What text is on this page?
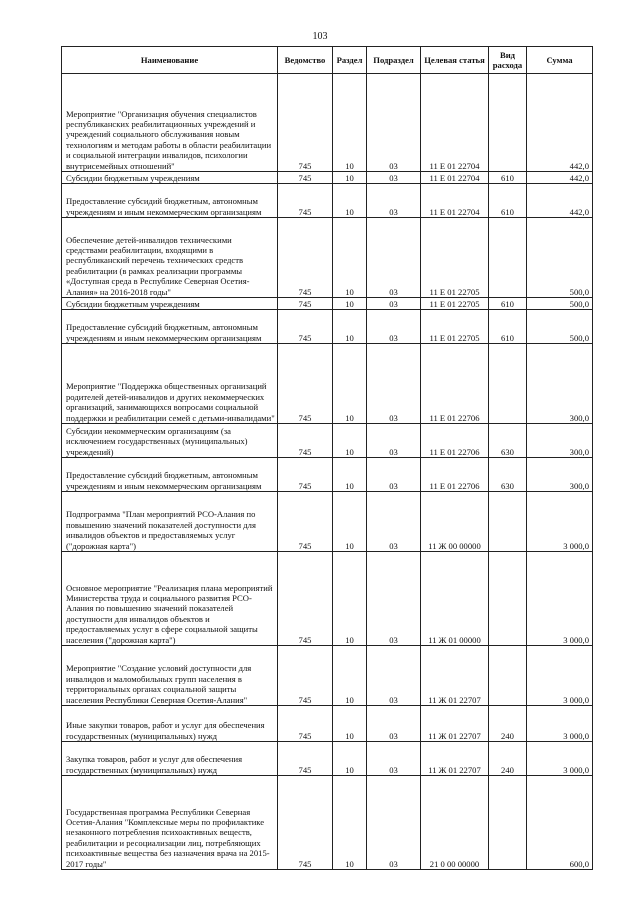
103
Наименование	Ведомство	Раздел	Подраздел	Целевая статья	Вид расхода	Сумма
Мероприятие "Организация обучения специалистов республиканских реабилитационных учреждений и учреждений социального обслуживания новым технологиям и методам работы в области реабилитации и социальной интеграции инвалидов, психологии внутрисемейных отношений"	745	10	03	11 Е 01 22704		442,0
Субсидии бюджетным учреждениям	745	10	03	11 Е 01 22704	610	442,0
Предоставление субсидий бюджетным, автономным учреждениям и иным некоммерческим организациям	745	10	03	11 Е 01 22704	610	442,0
Обеспечение детей-инвалидов техническими средствами реабилитации, входящими в республиканский перечень технических средств реабилитации (в рамках реализации программы «Доступная среда в Республике Северная Осетия-Алания» на 2016-2018 годы"	745	10	03	11 Е 01 22705		500,0
Субсидии бюджетным учреждениям	745	10	03	11 Е 01 22705	610	500,0
Предоставление субсидий бюджетным, автономным учреждениям и иным некоммерческим организациям	745	10	03	11 Е 01 22705	610	500,0
Мероприятие "Поддержка общественных организаций родителей детей-инвалидов и других некоммерческих организаций, занимающихся вопросами социальной поддержки и реабилитации семей с детьми-инвалидами"	745	10	03	11 Е 01 22706		300,0
Субсидии некоммерческим организациям (за исключением государственных (муниципальных) учреждений)	745	10	03	11 Е 01 22706	630	300,0
Предоставление субсидий бюджетным, автономным учреждениям и иным некоммерческим организациям	745	10	03	11 Е 01 22706	630	300,0
Подпрограмма "План мероприятий РСО-Алания по повышению значений показателей доступности для инвалидов объектов и предоставляемых услуг ("дорожная карта")	745	10	03	11 Ж 00 00000		3 000,0
Основное мероприятие "Реализация плана мероприятий Министерства труда и социального развития РСО-Алания по повышению значений показателей доступности для инвалидов объектов и предоставляемых услуг в сфере социальной защиты населения ("дорожная карта")	745	10	03	11 Ж 01 00000		3 000,0
Мероприятие "Создание условий доступности для инвалидов и маломобильных групп населения в территориальных органах социальной защиты населения Республики Северная Осетия-Алания"	745	10	03	11 Ж 01 22707		3 000,0
Иные закупки товаров, работ и услуг для обеспечения государственных (муниципальных) нужд	745	10	03	11 Ж 01 22707	240	3 000,0
Закупка товаров, работ и услуг для обеспечения государственных (муниципальных) нужд	745	10	03	11 Ж 01 22707	240	3 000,0
Государственная программа Республики Северная Осетия-Алания "Комплексные меры по профилактике незаконного потребления психоактивных веществ, реабилитации и ресоциализации лиц, потребляющих психоактивные вещества без назначения врача на 2015-2017 годы"	745	10	03	21 0 00 00000		600,0
